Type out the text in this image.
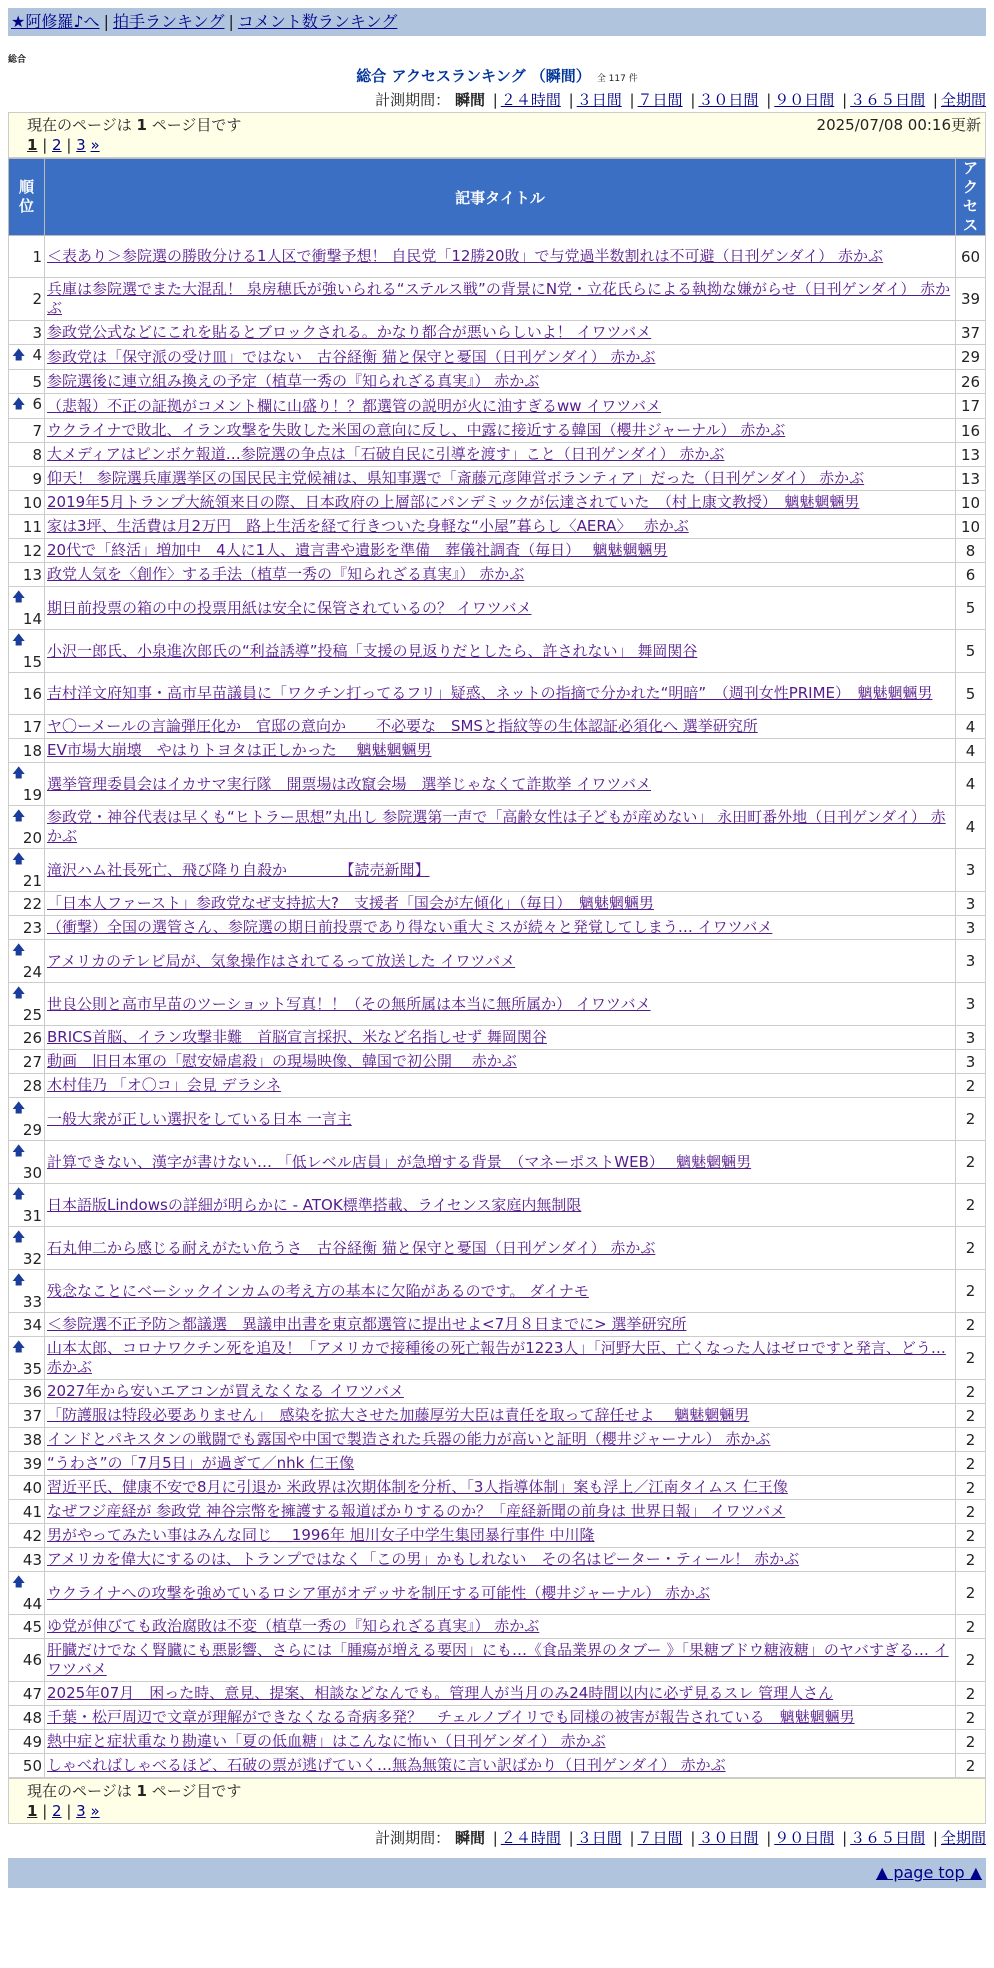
★阿修羅♪へ | 拍手ランキング | コメント数ランキング
総合
総合 アクセスランキング （瞬間） 全 117 件
計測期間： 瞬間 | ２４時間 | ３日間 | ７日間 | ３０日間 | ９０日間 | ３６５日間 | 全期間
現在のページは 1 ページ目です	2025/07/08 00:16更新
1 | 2 | 3 »
順位	記事タイトル	アクセス
1	＜表あり＞参院選の勝敗分ける1人区で衝撃予想！ 自民党「12勝20敗」で与党過半数割れは不可避（日刊ゲンダイ） 赤かぶ	60
2	兵庫は参院選でまた大混乱！ 泉房穂氏が強いられる“ステルス戦”の背景にN党・立花氏らによる執拗な嫌がらせ（日刊ゲンダイ） 赤かぶ	39
3	参政党公式などにこれを貼るとブロックされる。かなり都合が悪いらしいよ！ イワツバメ	37

🡅 4	参政党は「保守派の受け皿」ではない　古谷経衡 猫と保守と憂国（日刊ゲンダイ） 赤かぶ	29
5	参院選後に連立組み換えの予定（植草一秀の『知られざる真実』） 赤かぶ	26

🡅 6	（悲報）不正の証拠がコメント欄に山盛り！？都選管の説明が火に油すぎるww イワツバメ	17
7	ウクライナで敗北、イラン攻撃を失敗した米国の意向に反し、中露に接近する韓国（櫻井ジャーナル） 赤かぶ	16
8	大メディアはピンボケ報道…参院選の争点は「石破自民に引導を渡す」こと（日刊ゲンダイ） 赤かぶ	13
9	仰天！ 参院選兵庫選挙区の国民民主党候補は、県知事選で「斎藤元彦陣営ボランティア」だった（日刊ゲンダイ） 赤かぶ	13
10	2019年5月トランプ大統領来日の際、日本政府の上層部にパンデミックが伝達されていた　（村上康文教授）　魑魅魍魎男	10
11	家は3坪、生活費は月2万円　路上生活を経て行きついた身軽な“小屋”暮らし〈AERA〉　 赤かぶ	10
12	20代で「終活」増加中　4人に1人、遺言書や遺影を準備　葬儀社調査（毎日）　 魑魅魍魎男	8
13	政党人気を〈創作〉する手法（植草一秀の『知られざる真実』） 赤かぶ	6

🡅
14	期日前投票の箱の中の投票用紙は安全に保管されているの？ イワツバメ	5

🡅
15	小沢一郎氏、小泉進次郎氏の“利益誘導”投稿「支援の見返りだとしたら、許されない」 舞岡関谷	5
16	吉村洋文府知事・高市早苗議員に「ワクチン打ってるフリ」疑惑、ネットの指摘で分かれた“明暗”　（週刊女性PRIME）　魑魅魍魎男	5
17	ヤ〇ーメールの言論弾圧化か　官邸の意向か　　不必要な　SMSと指紋等の生体認証必須化へ 選挙研究所	4
18	EV市場大崩壊　やはりトヨタは正しかった　 魑魅魍魎男	4

🡅
19	選挙管理委員会はイカサマ実行隊　開票場は改竄会場　選挙じゃなくて詐欺挙 イワツバメ	4

🡅
20	参政党・神谷代表は早くも“ヒトラー思想”丸出し 参院選第一声で「高齢女性は子どもが産めない」 永田町番外地（日刊ゲンダイ） 赤かぶ	4

🡅
21	滝沢ハム社長死亡、飛び降り自殺か　　　　【読売新聞】	3
22	「日本人ファースト」参政党なぜ支持拡大?　支援者「国会が左傾化」（毎日）　魑魅魍魎男	3
23	（衝撃）全国の選管さん、参院選の期日前投票であり得ない重大ミスが続々と発覚してしまう… イワツバメ	3

🡅
24	アメリカのテレビ局が、気象操作はされてるって放送した イワツバメ	3

🡅
25	世良公則と高市早苗のツーショット写真！！（その無所属は本当に無所属か） イワツバメ	3
26	BRICS首脳、イラン攻撃非難　首脳宣言採択、米など名指しせず 舞岡関谷	3
27	動画　旧日本軍の「慰安婦虐殺」の現場映像、韓国で初公開　 赤かぶ	3
28	木村佳乃 「オ〇コ」会見 デラシネ	2

🡅
29	一般大衆が正しい選択をしている日本 一言主	2

🡅
30	計算できない、漢字が書けない… 「低レベル店員」が急増する背景　（マネーポストWEB）　 魑魅魍魎男	2

🡅
31	日本語版Lindowsの詳細が明らかに - ATOK標準搭載、ライセンス家庭内無制限	2

🡅
32	石丸伸二から感じる耐えがたい危うさ　古谷経衡 猫と保守と憂国（日刊ゲンダイ） 赤かぶ	2

🡅
33	残念なことにベーシックインカムの考え方の基本に欠陥があるのです。 ダイナモ	2
34	＜参院選不正予防＞都議選　異議申出書を東京都選管に提出せよ<7月８日までに> 選挙研究所	2

🡅
35	山本太郎、コロナワクチン死を追及！「アメリカで接種後の死亡報告が1223人」「河野大臣、亡くなった人はゼロですと発言、どう… 赤かぶ	2
36	2027年から安いエアコンが買えなくなる イワツバメ	2
37	「防護服は特段必要ありません」　感染を拡大させた加藤厚労大臣は責任を取って辞任せよ　 魑魅魍魎男	2
38	インドとパキスタンの戦闘でも露国や中国で製造された兵器の能力が高いと証明（櫻井ジャーナル） 赤かぶ	2
39	“うわさ”の「7月5日」が過ぎて／nhk 仁王像	2
40	習近平氏、健康不安で8月に引退か 米政界は次期体制を分析、「3人指導体制」案も浮上／江南タイムス 仁王像	2
41	なぜフジ産経が 参政党 神谷宗幣を擁護する報道ばかりするのか？「産経新聞の前身は 世界日報」 イワツバメ	2
42	男がやってみたい事はみんな同じ ＿1996年 旭川女子中学生集団暴行事件 中川隆	2
43	アメリカを偉大にするのは、トランプではなく「この男」かもしれない　その名はピーター・ティール！ 赤かぶ	2

🡅
44	ウクライナへの攻撃を強めているロシア軍がオデッサを制圧する可能性（櫻井ジャーナル） 赤かぶ	2
45	ゆ党が伸びても政治腐敗は不変（植草一秀の『知られざる真実』） 赤かぶ	2
46	肝臓だけでなく腎臓にも悪影響、さらには「腫瘍が増える要因」にも…《食品業界のタブー 》「果糖ブドウ糖液糖」のヤバすぎる… イワツバメ	2
47	2025年07月　困った時、意見、提案、相談などなんでも。管理人が当月のみ24時間以内に必ず見るスレ 管理人さん	2
48	千葉・松戸周辺で文章が理解ができなくなる奇病多発？　チェルノブイリでも同様の被害が報告されている　魑魅魍魎男	2
49	熱中症と症状重なり勘違い「夏の低血糖」はこんなに怖い（日刊ゲンダイ） 赤かぶ	2
50	しゃべればしゃべるほど、石破の票が逃げていく…無為無策に言い訳ばかり（日刊ゲンダイ） 赤かぶ	2
現在のページは 1 ページ目です
1 | 2 | 3 »
計測期間： 瞬間 | ２４時間 | ３日間 | ７日間 | ３０日間 | ９０日間 | ３６５日間 | 全期間
▲ page top ▲
